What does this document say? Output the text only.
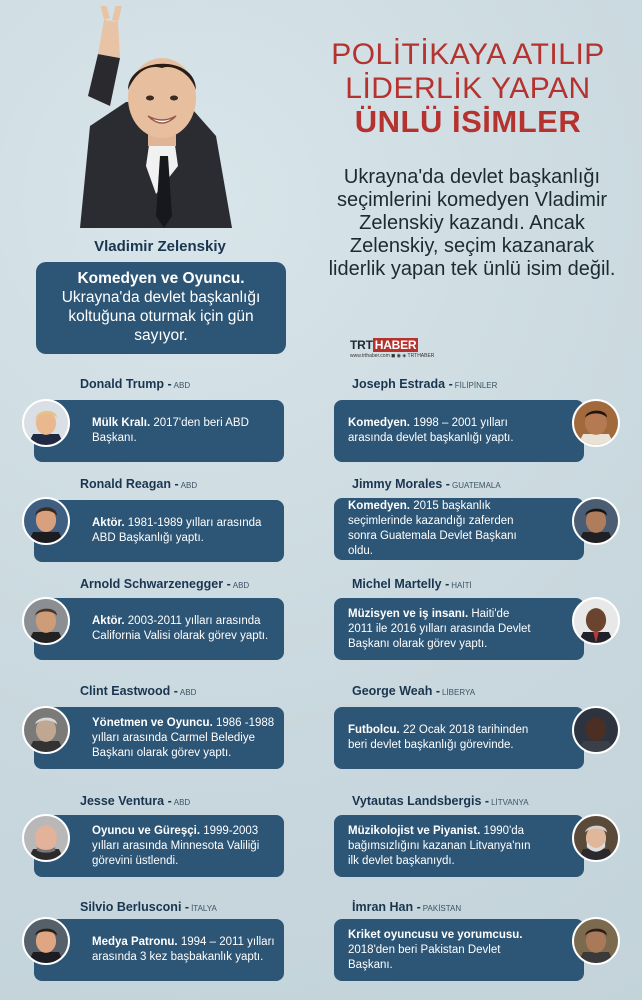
POLİTİKAYA ATILIP
LİDERLİK YAPAN
ÜNLÜ İSİMLER
Ukrayna'da devlet başkanlığı seçimlerini komedyen Vladimir Zelenskiy kazandı. Ancak Zelenskiy, seçim kazanarak liderlik yapan tek ünlü isim değil.
Vladimir Zelenskiy
Komedyen ve Oyuncu.
Ukrayna'da devlet başkanlığı koltuğuna oturmak için gün sayıyor.
TRT HABER
www.trthaber.com ◼ ◉ ◈ TRTHABER
Donald Trump - ABD
Mülk Kralı. 2017'den beri ABD Başkanı.
Ronald Reagan - ABD
Aktör. 1981-1989 yılları arasında ABD Başkanlığı yaptı.
Arnold Schwarzenegger - ABD
Aktör. 2003-2011 yılları arasında California Valisi olarak görev yaptı.
Clint Eastwood - ABD
Yönetmen ve Oyuncu. 1986 -1988 yılları arasında Carmel Belediye Başkanı olarak görev yaptı.
Jesse Ventura - ABD
Oyuncu ve Güreşçi. 1999-2003 yılları arasında Minnesota Valiliği görevini üstlendi.
Silvio Berlusconi - İTALYA
Medya Patronu. 1994 – 2011 yılları arasında 3 kez başbakanlık yaptı.
Joseph Estrada - FİLİPİNLER
Komedyen. 1998 – 2001 yılları arasında devlet başkanlığı yaptı.
Jimmy Morales - GUATEMALA
Komedyen. 2015 başkanlık seçimlerinde kazandığı zaferden sonra Guatemala Devlet Başkanı oldu.
Michel Martelly - HAİTİ
Müzisyen ve iş insanı. Haiti'de 2011 ile 2016 yılları arasında Devlet Başkanı olarak görev yaptı.
George Weah - LİBERYA
Futbolcu. 22 Ocak 2018 tarihinden beri devlet başkanlığı görevinde.
Vytautas Landsbergis - LİTVANYA
Müzikolojist ve Piyanist. 1990'da bağımsızlığını kazanan Litvanya'nın ilk devlet başkanıydı.
İmran Han - PAKİSTAN
Kriket oyuncusu ve yorumcusu. 2018'den beri Pakistan Devlet Başkanı.
